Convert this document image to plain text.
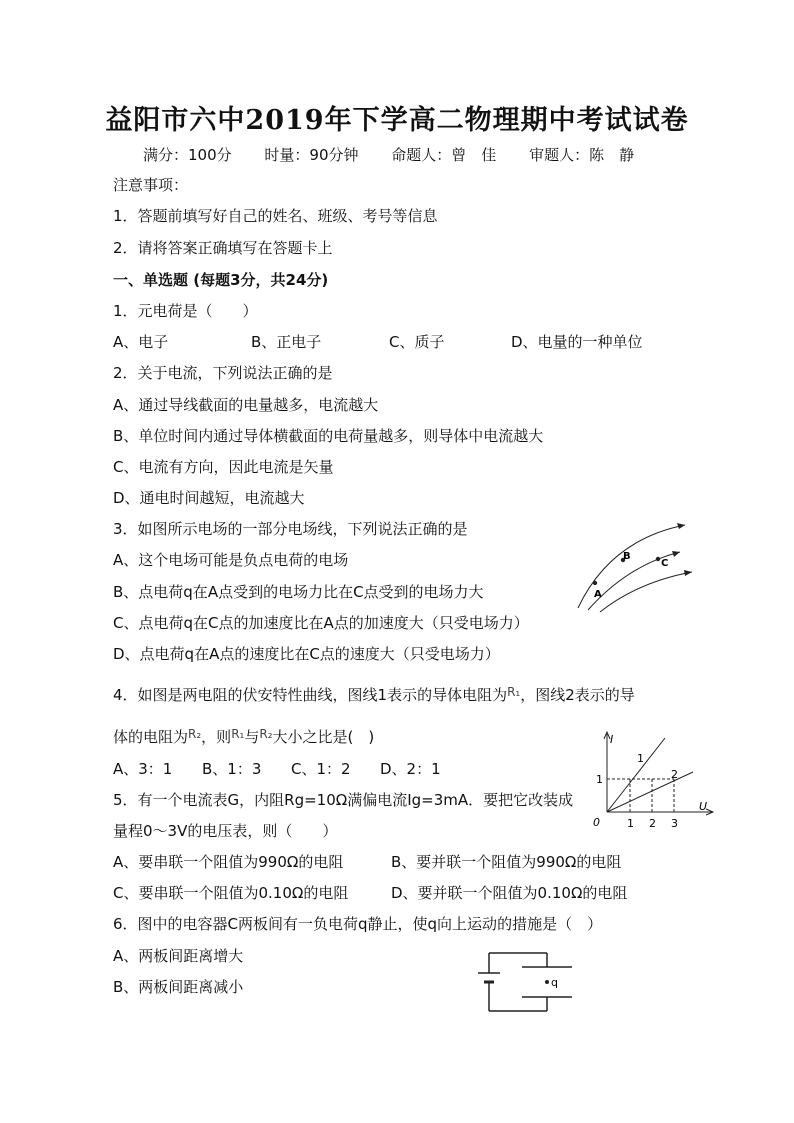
益阳市六中2019年下学高二物理期中考试试卷
满分：100分 时量：90分钟 命题人：曾　佳 审题人：陈　静
注意事项：
1．答题前填写好自己的姓名、班级、考号等信息
2．请将答案正确填写在答题卡上
一、单选题 (每题3分，共24分)
1．元电荷是（　　）
A、电子	B、正电子	C、质子	D、电量的一种单位
2．关于电流，下列说法正确的是
A、通过导线截面的电量越多，电流越大
B、单位时间内通过导体横截面的电荷量越多，则导体中电流越大
C、电流有方向，因此电流是矢量
D、通电时间越短，电流越大
3．如图所示电场的一部分电场线，下列说法正确的是
A、这个电场可能是负点电荷的电场
B、点电荷q在A点受到的电场力比在C点受到的电场力大
C、点电荷q在C点的加速度比在A点的加速度大（只受电场力）
D、点电荷q在A点的速度比在C点的速度大（只受电场力）
A
B
C
4．如图是两电阻的伏安特性曲线，图线1表示的导体电阻为$^{R_1}$，图线2表示的导
体的电阻为$^{R_2}$，则$^{R_1}$与$^{R_2}$大小之比是(　)
A、3：1 B、1：3 C、1：2 D、2：1
I
U
0
1
1 2 3
1
2
5．有一个电流表G，内阻Rg=10Ω满偏电流Ig=3mA．要把它改装成
量程0～3V的电压表，则（　　）
A、要串联一个阻值为990Ω的电阻	B、要并联一个阻值为990Ω的电阻
C、要串联一个阻值为0.10Ω的电阻	D、要并联一个阻值为0.10Ω的电阻
6．图中的电容器C两板间有一负电荷q静止，使q向上运动的措施是（　）
A、两板间距离增大
B、两板间距离减小	q
